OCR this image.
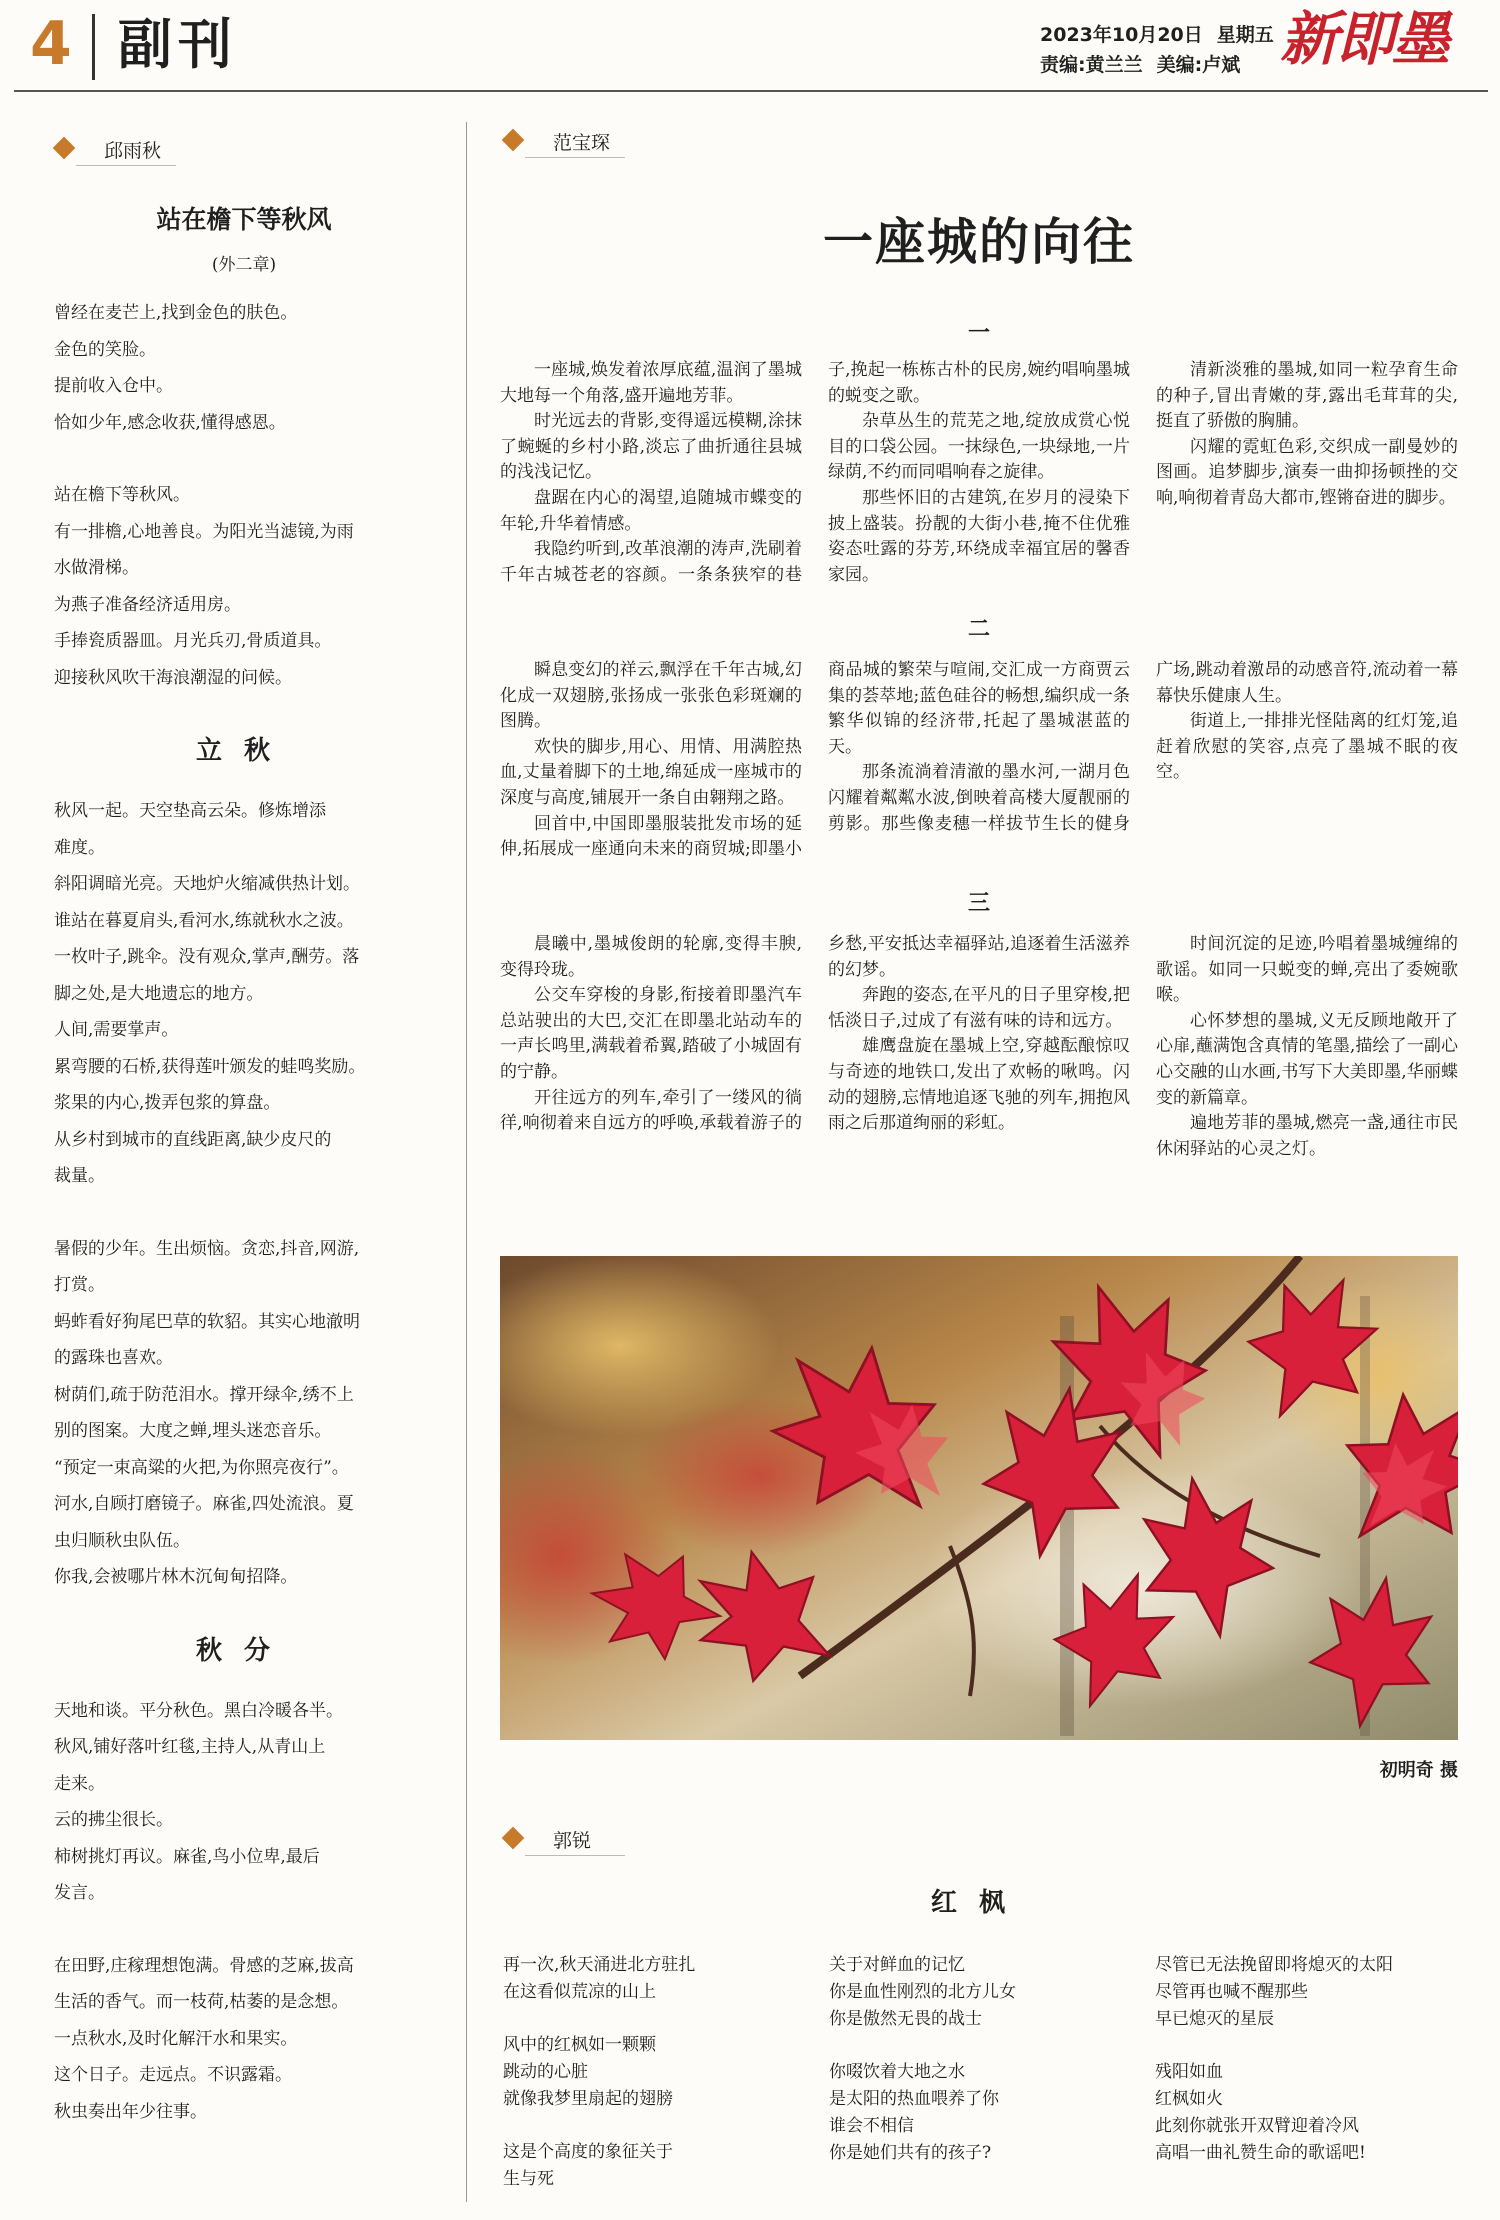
4 副刊	2023年10月20日 星期五
责编:黄兰兰 美编:卢斌 新即墨
邱雨秋
站在檐下等秋风
(外二章)

曾经在麦芒上,找到金色的肤色。

金色的笑脸。

提前收入仓中。

恰如少年,感念收获,懂得感恩。

站在檐下等秋风。

有一排檐,心地善良。为阳光当滤镜,为雨

水做滑梯。

为燕子准备经济适用房。

手捧瓷质器皿。月光兵刃,骨质道具。

迎接秋风吹干海浪潮湿的问候。

立秋

秋风一起。天空垫高云朵。修炼增添

难度。

斜阳调暗光亮。天地炉火缩减供热计划。

谁站在暮夏肩头,看河水,练就秋水之波。

一枚叶子,跳伞。没有观众,掌声,酬劳。落

脚之处,是大地遗忘的地方。

人间,需要掌声。

累弯腰的石桥,获得莲叶颁发的蛙鸣奖励。

浆果的内心,拨弄包浆的算盘。

从乡村到城市的直线距离,缺少皮尺的

裁量。

暑假的少年。生出烦恼。贪恋,抖音,网游,

打赏。

蚂蚱看好狗尾巴草的软貂。其实心地澈明

的露珠也喜欢。

树荫们,疏于防范泪水。撑开绿伞,绣不上

别的图案。大度之蝉,埋头迷恋音乐。

“预定一束高粱的火把,为你照亮夜行”。

河水,自顾打磨镜子。麻雀,四处流浪。夏

虫归顺秋虫队伍。

你我,会被哪片林木沉甸甸招降。

秋分

天地和谈。平分秋色。黑白冷暖各半。

秋风,铺好落叶红毯,主持人,从青山上

走来。

云的拂尘很长。

柿树挑灯再议。麻雀,鸟小位卑,最后

发言。

在田野,庄稼理想饱满。骨感的芝麻,拔高

生活的香气。而一枝荷,枯萎的是念想。

一点秋水,及时化解汗水和果实。

这个日子。走远点。不识露霜。

秋虫奏出年少往事。

范宝琛
一座城的向往
一

一座城,焕发着浓厚底蕴,温润了墨城大地每一个角落,盛开遍地芳菲。

时光远去的背影,变得遥远模糊,涂抹了蜿蜒的乡村小路,淡忘了曲折通往县城的浅浅记忆。

盘踞在内心的渴望,追随城市蝶变的年轮,升华着情感。

我隐约听到,改革浪潮的涛声,洗刷着千年古城苍老的容颜。一条条狭窄的巷子,挽起一栋栋古朴的民房,婉约唱响墨城的蜕变之歌。

杂草丛生的荒芜之地,绽放成赏心悦目的口袋公园。一抹绿色,一块绿地,一片绿荫,不约而同唱响春之旋律。

那些怀旧的古建筑,在岁月的浸染下披上盛装。扮靓的大街小巷,掩不住优雅姿态吐露的芬芳,环绕成幸福宜居的馨香家园。

清新淡雅的墨城,如同一粒孕育生命的种子,冒出青嫩的芽,露出毛茸茸的尖,挺直了骄傲的胸脯。

闪耀的霓虹色彩,交织成一副曼妙的图画。追梦脚步,演奏一曲抑扬顿挫的交响,响彻着青岛大都市,铿锵奋进的脚步。

二

瞬息变幻的祥云,飘浮在千年古城,幻化成一双翅膀,张扬成一张张色彩斑斓的图腾。

欢快的脚步,用心、用情、用满腔热血,丈量着脚下的土地,绵延成一座城市的深度与高度,铺展开一条自由翱翔之路。

回首中,中国即墨服装批发市场的延伸,拓展成一座通向未来的商贸城;即墨小商品城的繁荣与喧闹,交汇成一方商贾云集的荟萃地;蓝色硅谷的畅想,编织成一条繁华似锦的经济带,托起了墨城湛蓝的天。

那条流淌着清澈的墨水河,一湖月色闪耀着粼粼水波,倒映着高楼大厦靓丽的剪影。那些像麦穗一样拔节生长的健身广场,跳动着激昂的动感音符,流动着一幕幕快乐健康人生。

街道上,一排排光怪陆离的红灯笼,追赶着欣慰的笑容,点亮了墨城不眠的夜空。

三

晨曦中,墨城俊朗的轮廓,变得丰腴,变得玲珑。

公交车穿梭的身影,衔接着即墨汽车总站驶出的大巴,交汇在即墨北站动车的一声长鸣里,满载着希翼,踏破了小城固有的宁静。

开往远方的列车,牵引了一缕风的徜徉,响彻着来自远方的呼唤,承载着游子的乡愁,平安抵达幸福驿站,追逐着生活滋养的幻梦。

奔跑的姿态,在平凡的日子里穿梭,把恬淡日子,过成了有滋有味的诗和远方。

雄鹰盘旋在墨城上空,穿越酝酿惊叹与奇迹的地铁口,发出了欢畅的啾鸣。闪动的翅膀,忘情地追逐飞驰的列车,拥抱风雨之后那道绚丽的彩虹。

时间沉淀的足迹,吟唱着墨城缠绵的歌谣。如同一只蜕变的蝉,亮出了委婉歌喉。

心怀梦想的墨城,义无反顾地敞开了心扉,蘸满饱含真情的笔墨,描绘了一副心心交融的山水画,书写下大美即墨,华丽蝶变的新篇章。

遍地芳菲的墨城,燃亮一盏,通往市民休闲驿站的心灵之灯。

初明奇 摄
郭锐
红枫

再一次,秋天涌进北方驻扎

在这看似荒凉的山上

风中的红枫如一颗颗

跳动的心脏

就像我梦里扇起的翅膀

这是个高度的象征关于

生与死

关于对鲜血的记忆

你是血性刚烈的北方儿女

你是傲然无畏的战士

你啜饮着大地之水

是太阳的热血喂养了你

谁会不相信

你是她们共有的孩子?

尽管已无法挽留即将熄灭的太阳

尽管再也喊不醒那些

早已熄灭的星辰

残阳如血

红枫如火

此刻你就张开双臂迎着冷风

高唱一曲礼赞生命的歌谣吧!
